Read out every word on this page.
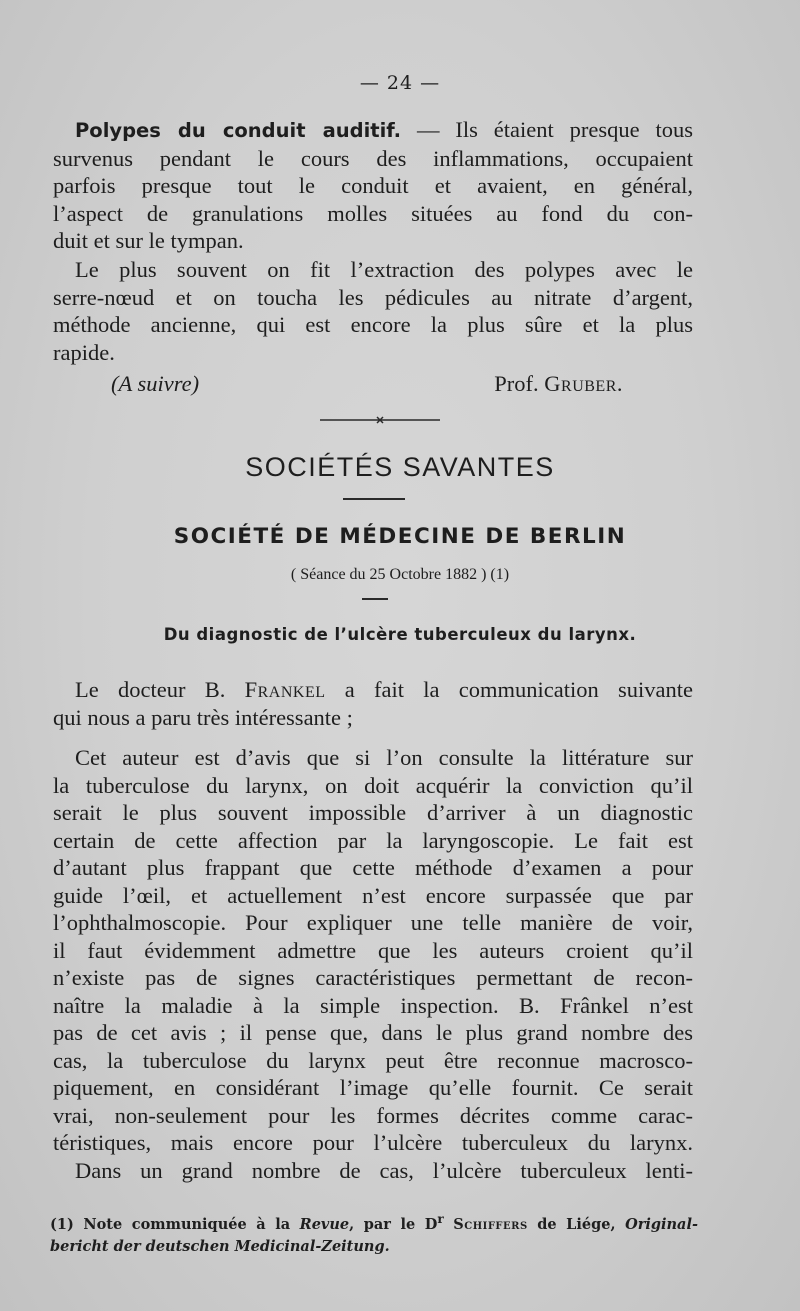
— 24 —
Polypes du conduit auditif. — Ils étaient presque tous
survenus pendant le cours des inflammations, occupaient
parfois presque tout le conduit et avaient, en général,
l’aspect de granulations molles situées au fond du con-
duit et sur le tympan.
Le plus souvent on fit l’extraction des polypes avec le
serre-nœud et on toucha les pédicules au nitrate d’argent,
méthode ancienne, qui est encore la plus sûre et la plus
rapide.
(A suivre)	Prof. Gruber.
SOCIÉTÉS SAVANTES
SOCIÉTÉ DE MÉDECINE DE BERLIN
( Séance du 25 Octobre 1882 ) (1)
Du diagnostic de l’ulcère tuberculeux du larynx.
Le docteur B. Frankel a fait la communication suivante
qui nous a paru très intéressante ;
Cet auteur est d’avis que si l’on consulte la littérature sur
la tuberculose du larynx, on doit acquérir la conviction qu’il
serait le plus souvent impossible d’arriver à un diagnostic
certain de cette affection par la laryngoscopie. Le fait est
d’autant plus frappant que cette méthode d’examen a pour
guide l’œil, et actuellement n’est encore surpassée que par
l’ophthalmoscopie. Pour expliquer une telle manière de voir,
il faut évidemment admettre que les auteurs croient qu’il
n’existe pas de signes caractéristiques permettant de recon-
naître la maladie à la simple inspection. B. Frânkel n’est
pas de cet avis ; il pense que, dans le plus grand nombre des
cas, la tuberculose du larynx peut être reconnue macrosco-
piquement, en considérant l’image qu’elle fournit. Ce serait
vrai, non-seulement pour les formes décrites comme carac-
téristiques, mais encore pour l’ulcère tuberculeux du larynx.
Dans un grand nombre de cas, l’ulcère tuberculeux lenti-
(1) Note communiquée à la Revue, par le $D^r$ Schiffers de Liége, Original-
bericht der deutschen Medicinal-Zeitung.
